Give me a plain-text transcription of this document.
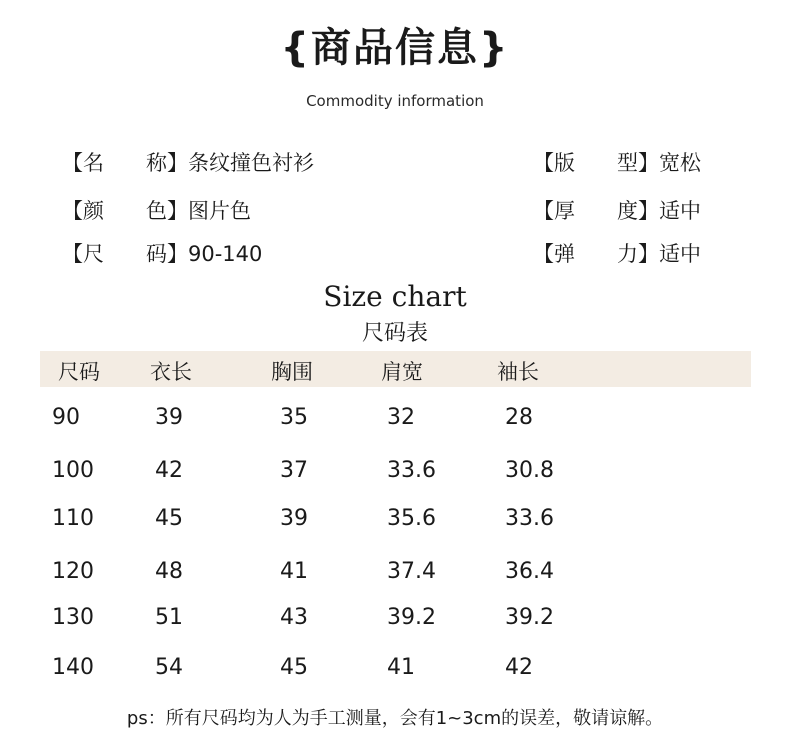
{商品信息}
Commodity information
【名　　称】条纹撞色衬衫
【颜　　色】图片色
【尺　　码】90-140
【版　　型】宽松
【厚　　度】适中
【弹　　力】适中
Size chart
尺码表
尺码 衣长	胸围	肩宽	袖长
90	39	35	32	28
100	42	37	33.6	30.8
110	45	39	35.6	33.6
120	48	41	37.4	36.4
130	51	43	39.2	39.2
140	54	45	41	42
ps：所有尺码均为人为手工测量，会有1~3cm的误差，敬请谅解。
